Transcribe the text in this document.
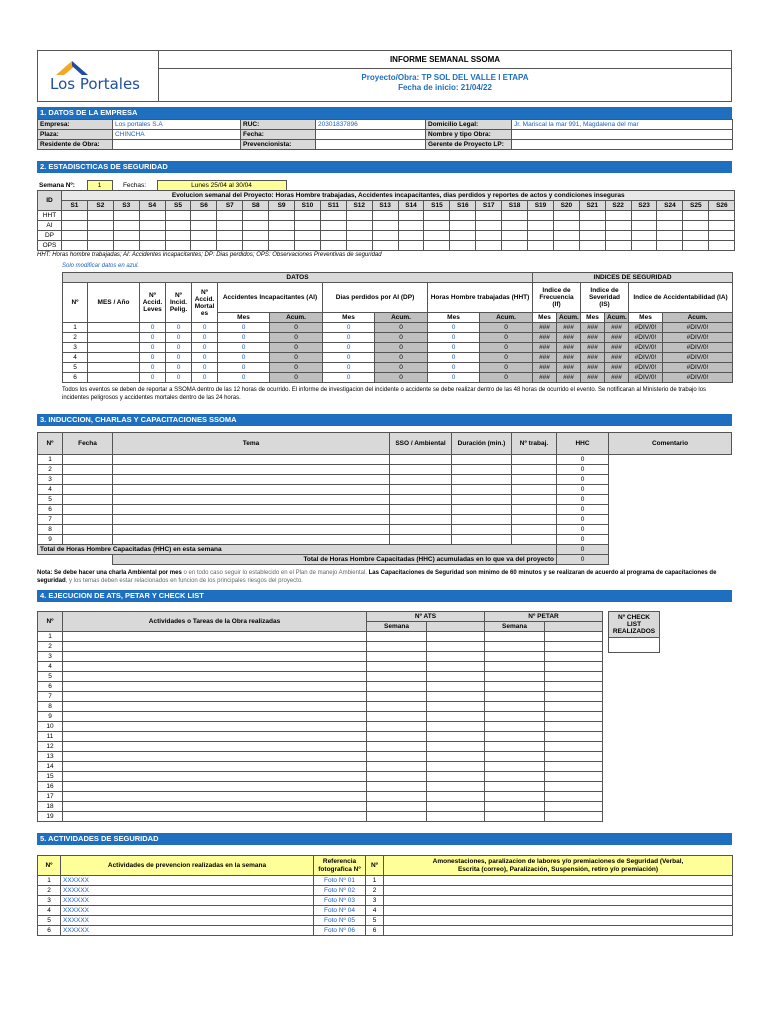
Los Portales
INFORME SEMANAL SSOMA
Proyecto/Obra: TP SOL DEL VALLE I ETAPA
Fecha de inicio: 21/04/22
1. DATOS DE LA EMPRESA
Empresa:	Los portales S.A	RUC:	20301837896	Domicilio Legal:	Jr. Mariscal la mar 991, Magdalena del mar
Plaza:	CHINCHA	Fecha:		Nombre y tipo Obra:	
Residente de Obra:		Prevencionista:		Gerente de Proyecto LP:	
2. ESTADISCTICAS DE SEGURIDAD
Semana Nº:	1	Fechas:	Lunes 25/04 al 30/04
ID	Evolucion semanal del Proyecto: Horas Hombre trabajadas, Accidentes incapacitantes, dias perdidos y reportes de actos y condiciones inseguras																									
	S1	S2	S3	S4	S5	S6	S7	S8	S9	S10	S11	S12	S13	S14	S15	S16	S17	S18	S19	S20	S21	S22	S23	S24	S25	S26
HHT																										
AI																										
DP																										
OPS																										
HHT: Horas hombre trabajadas; AI: Accidentes incapacitantes; DP: Dias perdidos; OPS: Observaciones Preventivas de seguridad
Solo modificar datos en azul.
DATOS											INDICES DE SEGURIDAD					
Nº	MES / Año	Nº Accid. Leves	Nº Incid. Pelig.	Nº Accid. Mortal es	Accidentes Incapacitantes (AI)		Dias perdidos por AI (DP)		Horas Hombre trabajadas (HHT)		Indice de Frecuencia (If)		Indice de Severidad (IS)		Indice de Accidentabilidad (IA)	
					Mes	Acum.	Mes	Acum.	Mes	Acum.	Mes	Acum.	Mes	Acum.	Mes	Acum.
1		0	0	0	0	0	0	0	0	0	###	###	###	###	#DIV/0!	#DIV/0!
2		0	0	0	0	0	0	0	0	0	###	###	###	###	#DIV/0!	#DIV/0!
3		0	0	0	0	0	0	0	0	0	###	###	###	###	#DIV/0!	#DIV/0!
4		0	0	0	0	0	0	0	0	0	###	###	###	###	#DIV/0!	#DIV/0!
5		0	0	0	0	0	0	0	0	0	###	###	###	###	#DIV/0!	#DIV/0!
6		0	0	0	0	0	0	0	0	0	###	###	###	###	#DIV/0!	#DIV/0!
Todos los eventos se deben de reportar a SSOMA dentro de las 12 horas de ocurrido. El informe de investigacion del incidente o accidente se debe realizar dentro de las 48 horas de ocurrido el evento. Se notificaran al Ministerio de trabajo los incidentes peligrosos y accidentes mortales dentro de las 24 horas.
3. INDUCCION, CHARLAS Y CAPACITACIONES SSOMA
Nº	Fecha	Tema	SSO / Ambiental	Duración (min.)	Nº trabaj.	HHC
1						0
2						0
3						0
4						0
5						0
6						0
7						0
8						0
9						0
Total de Horas Hombre Capacitadas (HHC) en esta semana						0
		Total de Horas Hombre Capacitadas (HHC) acumuladas en lo que va del proyecto				0
Comentario

Nota: Se debe hacer una charla Ambiental por mes o en todo caso seguir lo establecido en el Plan de manejo Ambiental. Las Capacitaciones de Seguridad son minimo de 60 minutos y se realizaran de acuerdo al programa de capacitaciones de seguridad, y los temas deben estar relacionados en funcion de los principales riesgos del proyecto.
4. EJECUCION DE ATS, PETAR Y CHECK LIST
Nº	Actividades o Tareas de la Obra realizadas	Nº ATS		Nº PETAR	
		Semana		Semana	
1					
2					
3					
4					
5					
6					
7					
8					
9					
10					
11					
12					
13					
14					
15					
16					
17					
18					
19					
Nº CHECK LIST REALIZADOS
5. ACTIVIDADES DE SEGURIDAD
Nº	Actividades de prevencion realizadas en la semana	Referencia fotografica Nº	Nº	Amonestaciones, paralizacion de labores y/o premiaciones de Seguridad (Verbal, Escrita (correo), Paralización, Suspensión, retiro y/o premiación)
1	XXXXXX	Foto Nº 01	1	
2	XXXXXX	Foto Nº 02	2	
3	XXXXXX	Foto Nº 03	3	
4	XXXXXX	Foto Nº 04	4	
5	XXXXXX	Foto Nº 05	5	
6	XXXXXX	Foto Nº 06	6	
